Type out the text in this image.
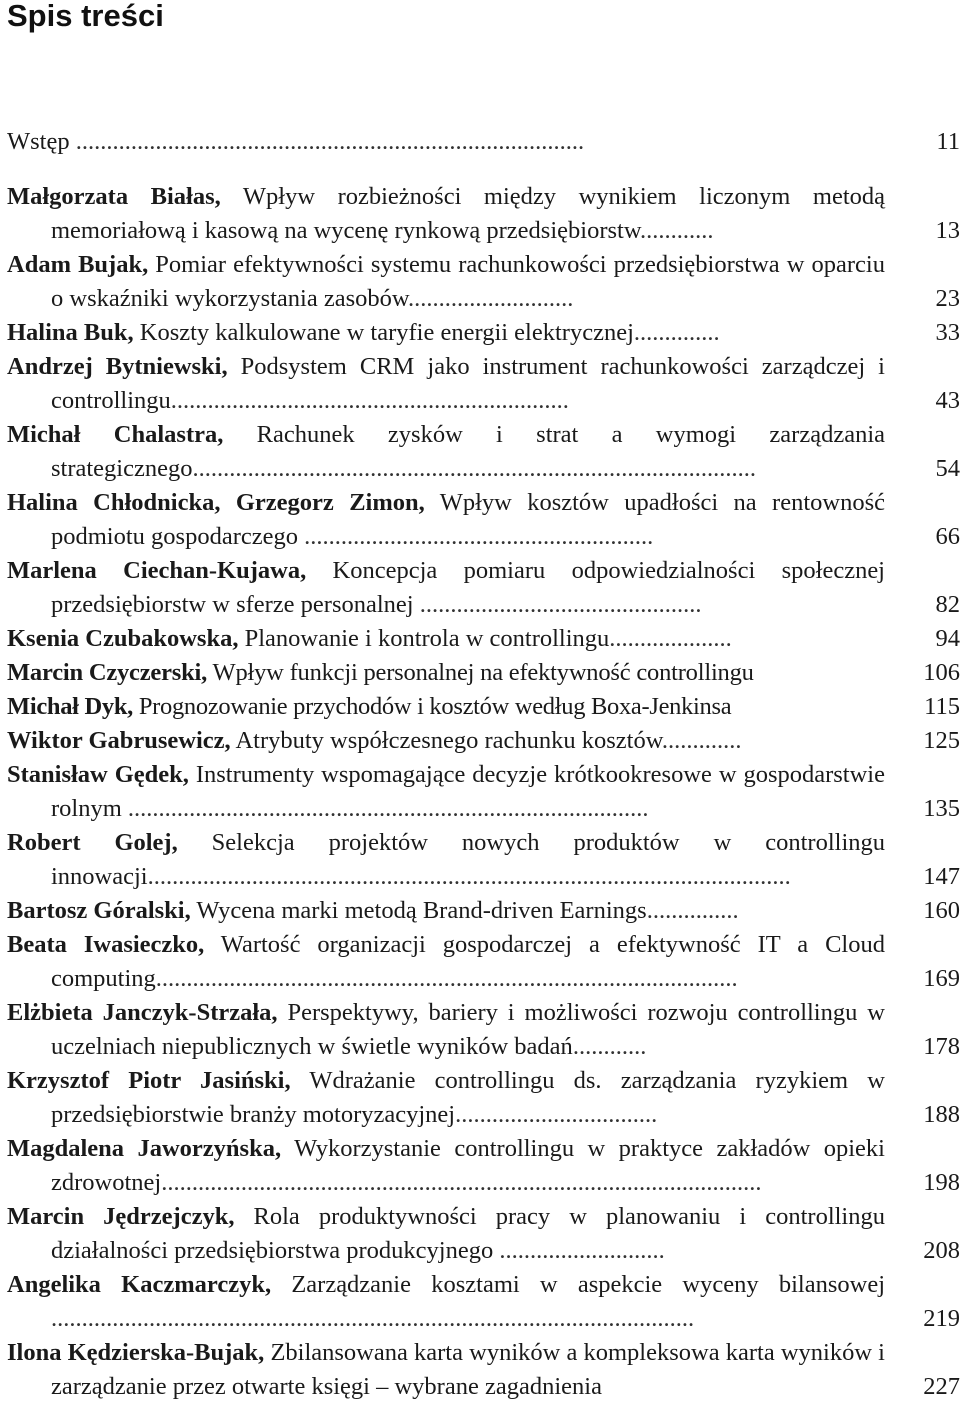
Spis treści
Wstęp ...................................................................................	11
Małgorzata Białas, Wpływ rozbieżności między wynikiem liczonym metodą memoriałową i kasową na wycenę rynkową przedsiębiorstw............	13
Adam Bujak, Pomiar efektywności systemu rachunkowości przedsiębiorstwa w oparciu o wskaźniki wykorzystania zasobów...........................	23
Halina Buk, Koszty kalkulowane w taryfie energii elektrycznej..............	33
Andrzej Bytniewski, Podsystem CRM jako instrument rachunkowości zarządczej i controllingu.................................................................	43
Michał Chalastra, Rachunek zysków i strat a wymogi zarządzania strategicznego............................................................................................	54
Halina Chłodnicka, Grzegorz Zimon, Wpływ kosztów upadłości na rentowność podmiotu gospodarczego .........................................................	66
Marlena Ciechan-Kujawa, Koncepcja pomiaru odpowiedzialności społecznej przedsiębiorstw w sferze personalnej ..............................................	82
Ksenia Czubakowska, Planowanie i kontrola w controllingu....................	94
Marcin Czyczerski, Wpływ funkcji personalnej na efektywność controllingu	106
Michał Dyk, Prognozowanie przychodów i kosztów według Boxa-Jenkinsa	115
Wiktor Gabrusewicz, Atrybuty współczesnego rachunku kosztów.............	125
Stanisław Gędek, Instrumenty wspomagające decyzje krótkookresowe w gospodarstwie rolnym .....................................................................................	135
Robert Golej, Selekcja projektów nowych produktów w controllingu innowacji.........................................................................................................	147
Bartosz Góralski, Wycena marki metodą Brand-driven Earnings...............	160
Beata Iwasieczko, Wartość organizacji gospodarczej a efektywność IT a Cloud computing...............................................................................................	169
Elżbieta Janczyk-Strzała, Perspektywy, bariery i możliwości rozwoju controllingu w uczelniach niepublicznych w świetle wyników badań............	178
Krzysztof Piotr Jasiński, Wdrażanie controllingu ds. zarządzania ryzykiem w przedsiębiorstwie branży motoryzacyjnej.................................	188
Magdalena Jaworzyńska, Wykorzystanie controllingu w praktyce zakładów opieki zdrowotnej..................................................................................................	198
Marcin Jędrzejczyk, Rola produktywności pracy w planowaniu i controllingu działalności przedsiębiorstwa produkcyjnego ...........................	208
Angelika Kaczmarczyk, Zarządzanie kosztami w aspekcie wyceny bilansowej .........................................................................................................	219
Ilona Kędzierska-Bujak, Zbilansowana karta wyników a kompleksowa karta wyników i zarządzanie przez otwarte księgi – wybrane zagadnienia	227
